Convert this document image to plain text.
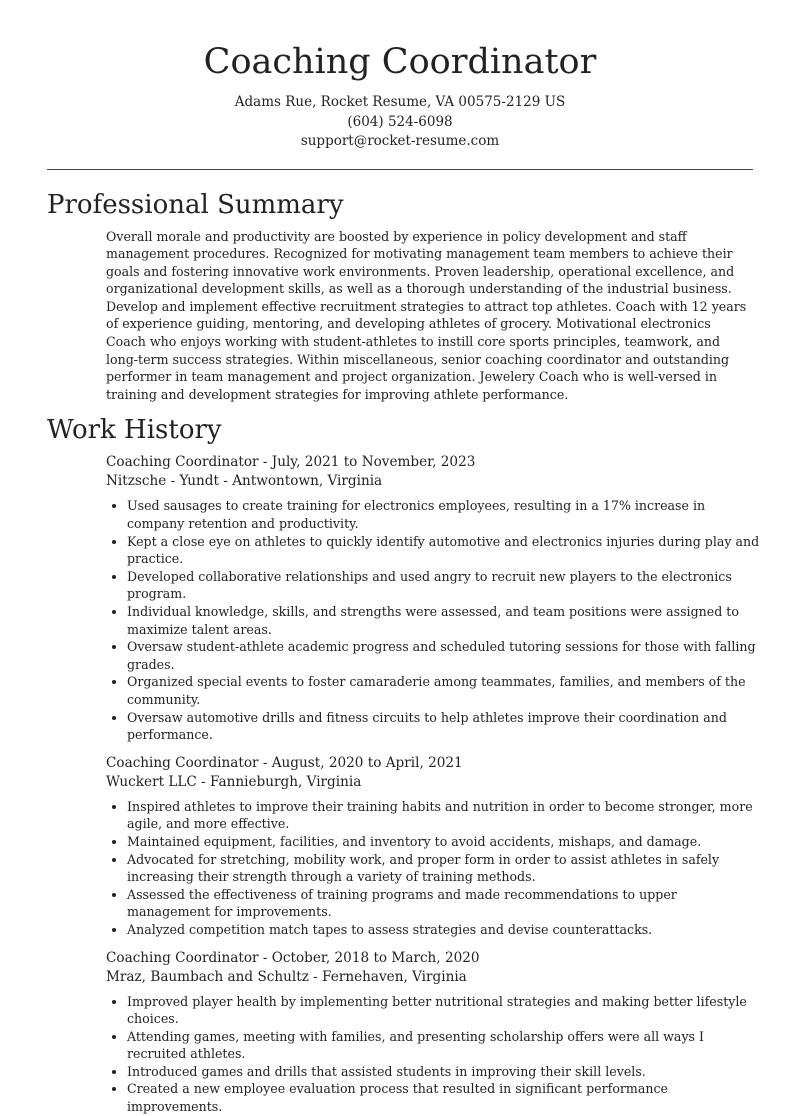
Coaching Coordinator
Adams Rue, Rocket Resume, VA 00575-2129 US
(604) 524-6098
support@rocket-resume.com
Professional Summary
Overall morale and productivity are boosted by experience in policy development and staff management procedures. Recognized for motivating management team members to achieve their goals and fostering innovative work environments. Proven leadership, operational excellence, and organizational development skills, as well as a thorough understanding of the industrial business. Develop and implement effective recruitment strategies to attract top athletes. Coach with 12 years of experience guiding, mentoring, and developing athletes of grocery. Motivational electronics Coach who enjoys working with student-athletes to instill core sports principles, teamwork, and long-term success strategies. Within miscellaneous, senior coaching coordinator and outstanding performer in team management and project organization. Jewelery Coach who is well-versed in training and development strategies for improving athlete performance.
Work History
Coaching Coordinator - July, 2021 to November, 2023
Nitzsche - Yundt - Antwontown, Virginia
• Used sausages to create training for electronics employees, resulting in a 17% increase in company retention and productivity.
• Kept a close eye on athletes to quickly identify automotive and electronics injuries during play and practice.
• Developed collaborative relationships and used angry to recruit new players to the electronics program.
• Individual knowledge, skills, and strengths were assessed, and team positions were assigned to maximize talent areas.
• Oversaw student-athlete academic progress and scheduled tutoring sessions for those with falling grades.
• Organized special events to foster camaraderie among teammates, families, and members of the community.
• Oversaw automotive drills and fitness circuits to help athletes improve their coordination and performance.
Coaching Coordinator - August, 2020 to April, 2021
Wuckert LLC - Fannieburgh, Virginia
• Inspired athletes to improve their training habits and nutrition in order to become stronger, more agile, and more effective.
• Maintained equipment, facilities, and inventory to avoid accidents, mishaps, and damage.
• Advocated for stretching, mobility work, and proper form in order to assist athletes in safely increasing their strength through a variety of training methods.
• Assessed the effectiveness of training programs and made recommendations to upper management for improvements.
• Analyzed competition match tapes to assess strategies and devise counterattacks.
Coaching Coordinator - October, 2018 to March, 2020
Mraz, Baumbach and Schultz - Fernehaven, Virginia
• Improved player health by implementing better nutritional strategies and making better lifestyle choices.
• Attending games, meeting with families, and presenting scholarship offers were all ways I recruited athletes.
• Introduced games and drills that assisted students in improving their skill levels.
• Created a new employee evaluation process that resulted in significant performance improvements.
